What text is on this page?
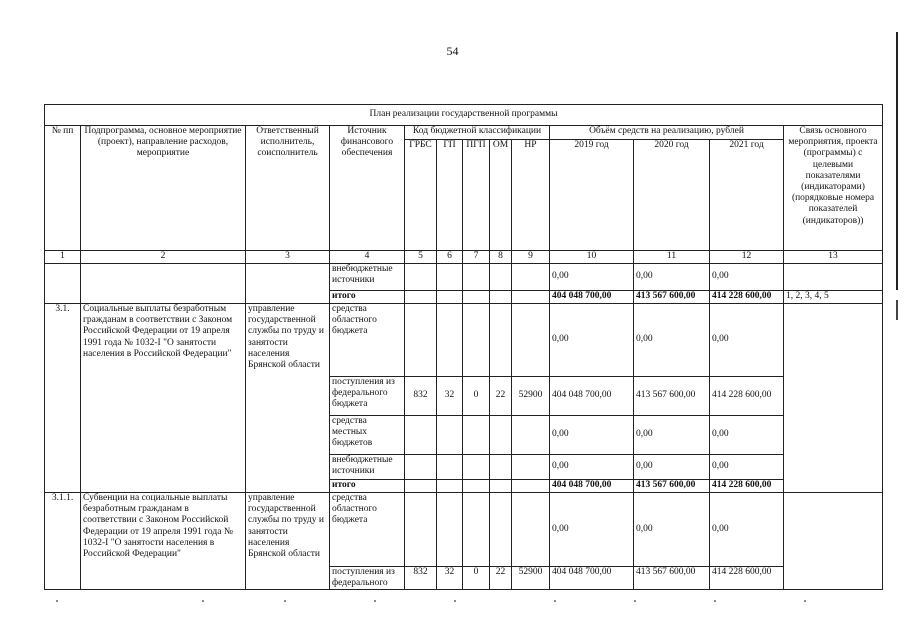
54
План реализации государственной программы												
№ пп	Подпрограмма, основное мероприятие (проект), направление расходов, мероприятие	Ответственный исполнитель, соисполнитель	Источник финансового обеспечения	Код бюджетной классификации					Объём средств на реализацию, рублей			Связь основного мероприятия, проекта (программы) с целевыми показателями (индикаторами) (порядковые номера показателей (индикаторов))
				ГРБС	ГП	ПГП	ОМ	НР	2019 год	2020 год	2021 год	
1	2	3	4	5	6	7	8	9	10	11	12	13
			внебюджетные источники						0,00	0,00	0,00	
			итого						404 048 700,00	413 567 600,00	414 228 600,00	1, 2, 3, 4, 5
3.1.	Социальные выплаты безработным гражданам в соответствии с Законом Российской Федерации от 19 апреля 1991 года № 1032-I "О занятости населения в Российской Федерации"	управление государственной службы по труду и занятости населения Брянской области	средства областного бюджета						0,00	0,00	0,00	
			поступления из федерального бюджета	832	32	0	22	52900	404 048 700,00	413 567 600,00	414 228 600,00	
			средства местных бюджетов						0,00	0,00	0,00	
			внебюджетные источники						0,00	0,00	0,00	
			итого						404 048 700,00	413 567 600,00	414 228 600,00	
3.1.1.	Субвенции на социальные выплаты безработным гражданам в соответствии с Законом Российской Федерации от 19 апреля 1991 года № 1032-I "О занятости населения в Российской Федерации"	управление государственной службы по труду и занятости населения Брянской области	средства областного бюджета						0,00	0,00	0,00	
			поступления из федерального	832	32	0	22	52900	404 048 700,00	413 567 600,00	414 228 600,00	
